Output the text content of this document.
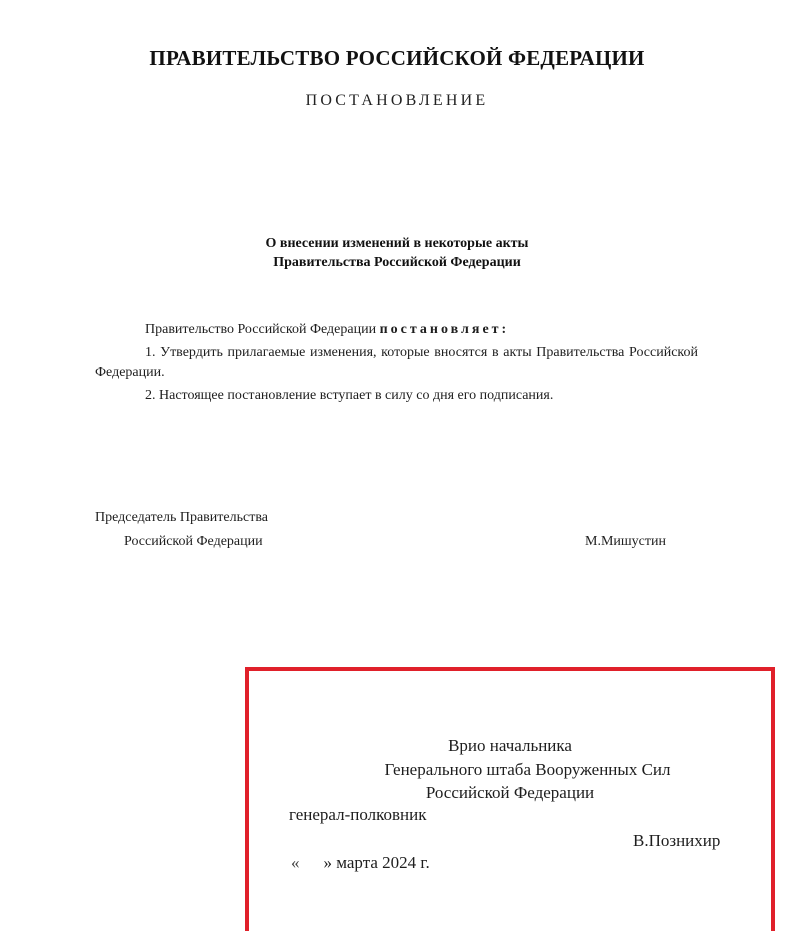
ПРАВИТЕЛЬСТВО РОССИЙСКОЙ ФЕДЕРАЦИИ
ПОСТАНОВЛЕНИЕ
О внесении изменений в некоторые акты
Правительства Российской Федерации
Правительство Российской Федерации постановляет:
1. Утвердить прилагаемые изменения, которые вносятся в акты Правительства Российской Федерации.
2. Настоящее постановление вступает в силу со дня его подписания.
Председатель Правительства
Российской Федерации	М.Мишустин
Врио начальника
Генерального штаба Вооруженных Сил
Российской Федерации
генерал-полковник
В.Позниxир
« » марта 2024 г.
